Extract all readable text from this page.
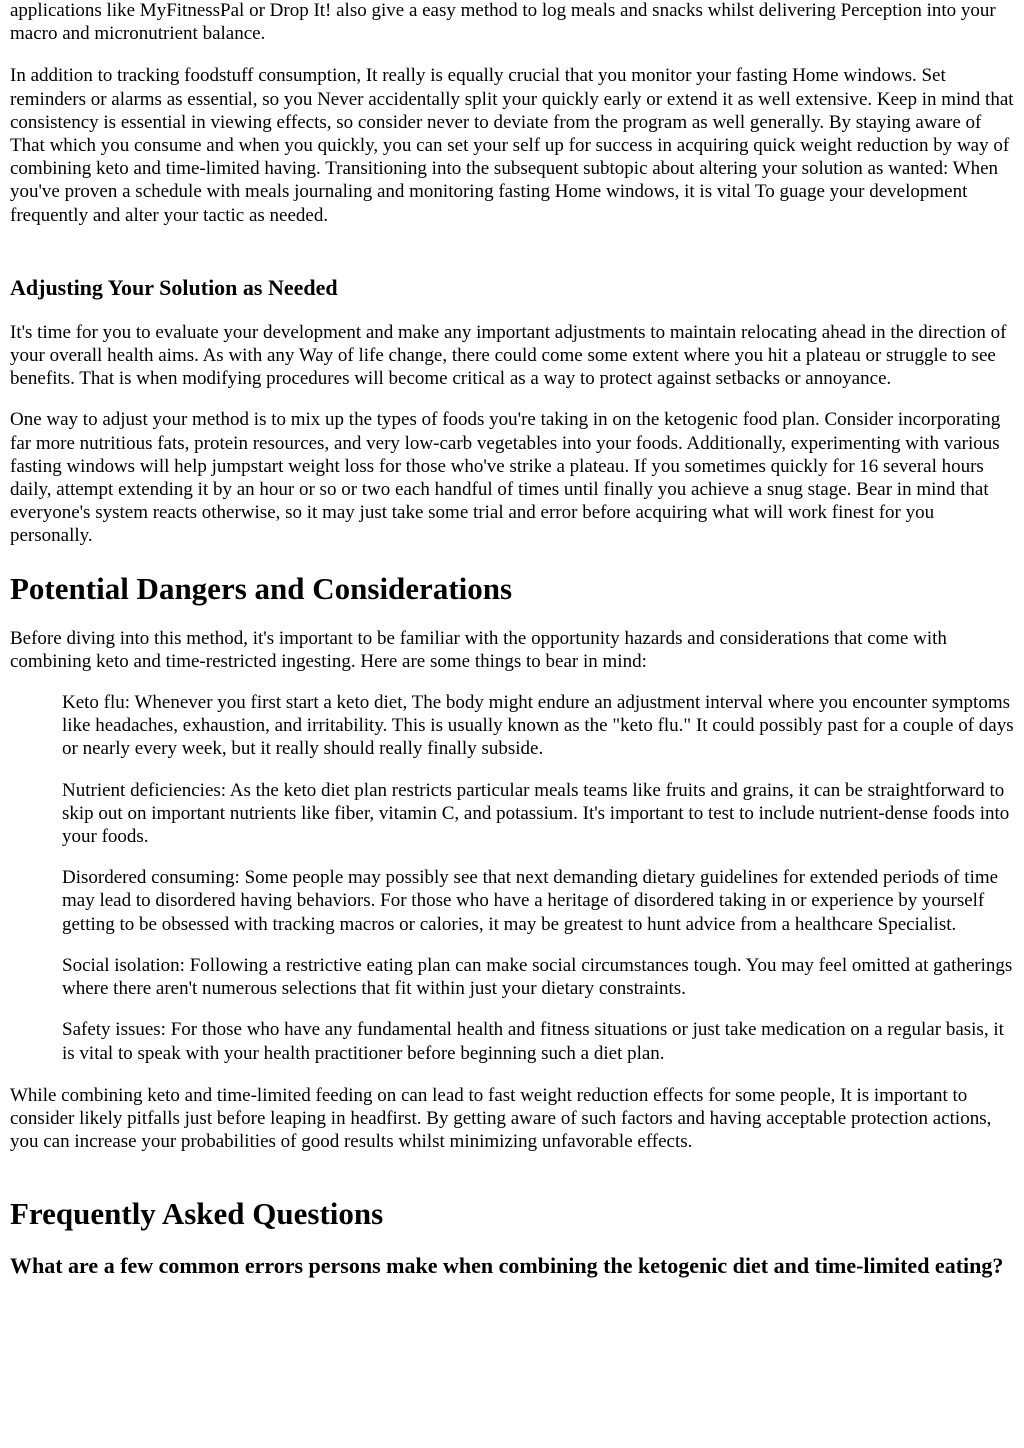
applications like MyFitnessPal or Drop It! also give a easy method to log meals and snacks whilst delivering Perception into your macro and micronutrient balance.

In addition to tracking foodstuff consumption, It really is equally crucial that you monitor your fasting Home windows. Set reminders or alarms as essential, so you Never accidentally split your quickly early or extend it as well extensive. Keep in mind that consistency is essential in viewing effects, so consider never to deviate from the program as well generally. By staying aware of That which you consume and when you quickly, you can set your self up for success in acquiring quick weight reduction by way of combining keto and time-limited having. Transitioning into the subsequent subtopic about altering your solution as wanted: When you've proven a schedule with meals journaling and monitoring fasting Home windows, it is vital To guage your development frequently and alter your tactic as needed.

Adjusting Your Solution as Needed

It's time for you to evaluate your development and make any important adjustments to maintain relocating ahead in the direction of your overall health aims. As with any Way of life change, there could come some extent where you hit a plateau or struggle to see benefits. That is when modifying procedures will become critical as a way to protect against setbacks or annoyance.

One way to adjust your method is to mix up the types of foods you're taking in on the ketogenic food plan. Consider incorporating far more nutritious fats, protein resources, and very low-carb vegetables into your foods. Additionally, experimenting with various fasting windows will help jumpstart weight loss for those who've strike a plateau. If you sometimes quickly for 16 several hours daily, attempt extending it by an hour or so or two each handful of times until finally you achieve a snug stage. Bear in mind that everyone's system reacts otherwise, so it may just take some trial and error before acquiring what will work finest for you personally.

Potential Dangers and Considerations

Before diving into this method, it's important to be familiar with the opportunity hazards and considerations that come with combining keto and time-restricted ingesting. Here are some things to bear in mind:

Keto flu: Whenever you first start a keto diet, The body might endure an adjustment interval where you encounter symptoms like headaches, exhaustion, and irritability. This is usually known as the "keto flu." It could possibly past for a couple of days or nearly every week, but it really should really finally subside.

Nutrient deficiencies: As the keto diet plan restricts particular meals teams like fruits and grains, it can be straightforward to skip out on important nutrients like fiber, vitamin C, and potassium. It's important to test to include nutrient-dense foods into your foods.

Disordered consuming: Some people may possibly see that next demanding dietary guidelines for extended periods of time may lead to disordered having behaviors. For those who have a heritage of disordered taking in or experience by yourself getting to be obsessed with tracking macros or calories, it may be greatest to hunt advice from a healthcare Specialist.

Social isolation: Following a restrictive eating plan can make social circumstances tough. You may feel omitted at gatherings where there aren't numerous selections that fit within just your dietary constraints.

Safety issues: For those who have any fundamental health and fitness situations or just take medication on a regular basis, it is vital to speak with your health practitioner before beginning such a diet plan.

While combining keto and time-limited feeding on can lead to fast weight reduction effects for some people, It is important to consider likely pitfalls just before leaping in headfirst. By getting aware of such factors and having acceptable protection actions, you can increase your probabilities of good results whilst minimizing unfavorable effects.

Frequently Asked Questions
What are a few common errors persons make when combining the ketogenic diet and time-limited eating?
